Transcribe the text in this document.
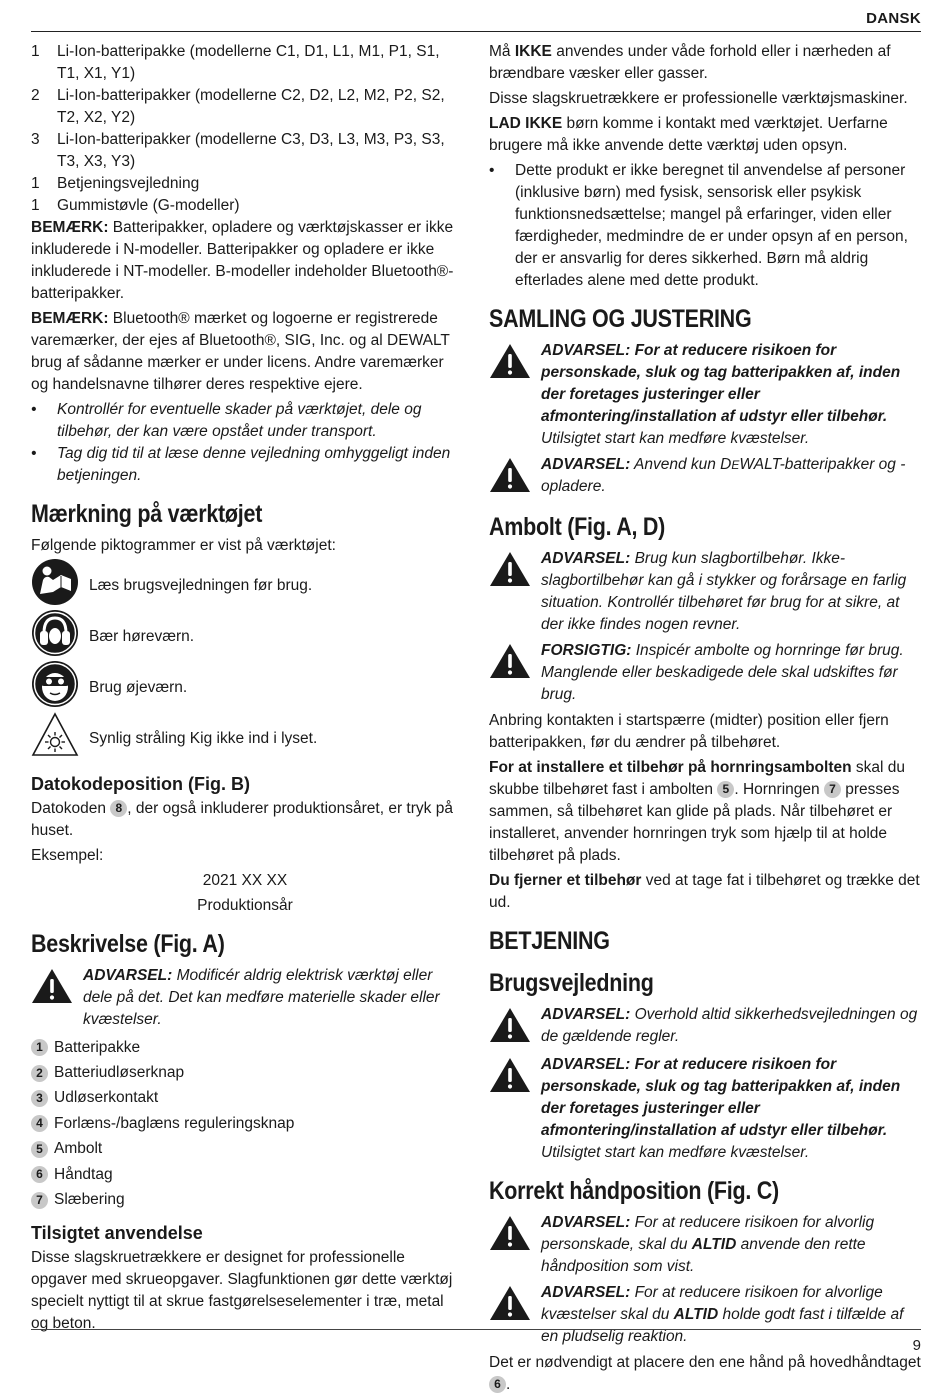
DANSK
1	Li-Ion-batteripakke (modellerne C1, D1, L1, M1, P1, S1, T1, X1, Y1)
2	Li-Ion-batteripakker (modellerne C2, D2, L2, M2, P2, S2, T2, X2, Y2)
3	Li-Ion-batteripakker (modellerne C3, D3, L3, M3, P3, S3, T3, X3, Y3)
1	Betjeningsvejledning
1	Gummistøvle (G-modeller)

BEMÆRK: Batteripakker, opladere og værktøjskasser er ikke inkluderede i N-modeller. Batteripakker og opladere er ikke inkluderede i NT-modeller. B-modeller indeholder Bluetooth®-batteripakker.

BEMÆRK: Bluetooth® mærket og logoerne er registrerede varemærker, der ejes af Bluetooth®, SIG, Inc. og al DEWALT brug af sådanne mærker er under licens. Andre varemærker og handelsnavne tilhører deres respektive ejere.

•	Kontrollér for eventuelle skader på værktøjet, dele og tilbehør, der kan være opstået under transport.
•	Tag dig tid til at læse denne vejledning omhyggeligt inden betjeningen.
Mærkning på værktøjet

Følgende piktogrammer er vist på værktøjet:

Læs brugsvejledningen før brug.
Bær høreværn.
Brug øjeværn.
Synlig stråling Kig ikke ind i lyset.
Datokodeposition (Fig. B)

Datokoden 8 , der også inkluderer produktionsåret, er tryk på huset.

Eksempel:

2021 XX XX

Produktionsår

Beskrivelse (Fig. A)
ADVARSEL: Modificér aldrig elektrisk værktøj eller dele på det. Det kan medføre materielle skader eller kvæstelser.
1 Batteripakke
2 Batteriudløserknap
3 Udløserkontakt
4 Forlæns-/baglæns reguleringsknap
5 Ambolt
6 Håndtag
7 Slæbering
Tilsigtet anvendelse

Disse slagskruetrækkere er designet for professionelle opgaver med skrueopgaver. Slagfunktionen gør dette værktøj specielt nyttigt til at skrue fastgørelseselementer i træ, metal og beton.

Må IKKE anvendes under våde forhold eller i nærheden af brændbare væsker eller gasser.

Disse slagskruetrækkere er professionelle værktøjsmaskiner.

LAD IKKE børn komme i kontakt med værktøjet. Uerfarne brugere må ikke anvende dette værktøj uden opsyn.

•	Dette produkt er ikke beregnet til anvendelse af personer (inklusive børn) med fysisk, sensorisk eller psykisk funktionsnedsættelse; mangel på erfaringer, viden eller færdigheder, medmindre de er under opsyn af en person, der er ansvarlig for deres sikkerhed. Børn må aldrig efterlades alene med dette produkt.
SAMLING OG JUSTERING
ADVARSEL: For at reducere risikoen for personskade, sluk og tag batteripakken af, inden der foretages justeringer eller afmontering/installation af udstyr eller tilbehør. Utilsigtet start kan medføre kvæstelser.
ADVARSEL: Anvend kun DEWALT-batteripakker og -opladere.
Ambolt (Fig. A, D)
ADVARSEL: Brug kun slagbortilbehør. Ikke-slagbortilbehør kan gå i stykker og forårsage en farlig situation. Kontrollér tilbehøret før brug for at sikre, at der ikke findes nogen revner.
FORSIGTIG: Inspicér ambolte og hornringe før brug. Manglende eller beskadigede dele skal udskiftes før brug.

Anbring kontakten i startspærre (midter) position eller fjern batteripakken, før du ændrer på tilbehøret.

For at installere et tilbehør på hornringsambolten skal du skubbe tilbehøret fast i ambolten 5 . Hornringen 7 presses sammen, så tilbehøret kan glide på plads. Når tilbehøret er installeret, anvender hornringen tryk som hjælp til at holde tilbehøret på plads.

Du fjerner et tilbehør ved at tage fat i tilbehøret og trække det ud.

BETJENING
Brugsvejledning
ADVARSEL: Overhold altid sikkerhedsvejledningen og de gældende regler.
ADVARSEL: For at reducere risikoen for personskade, sluk og tag batteripakken af, inden der foretages justeringer eller afmontering/installation af udstyr eller tilbehør. Utilsigtet start kan medføre kvæstelser.
Korrekt håndposition (Fig. C)
ADVARSEL: For at reducere risikoen for alvorlig personskade, skal du ALTID anvende den rette håndposition som vist.
ADVARSEL: For at reducere risikoen for alvorlige kvæstelser skal du ALTID holde godt fast i tilfælde af en pludselig reaktion.

Det er nødvendigt at placere den ene hånd på hovedhåndtaget 6 .

9
